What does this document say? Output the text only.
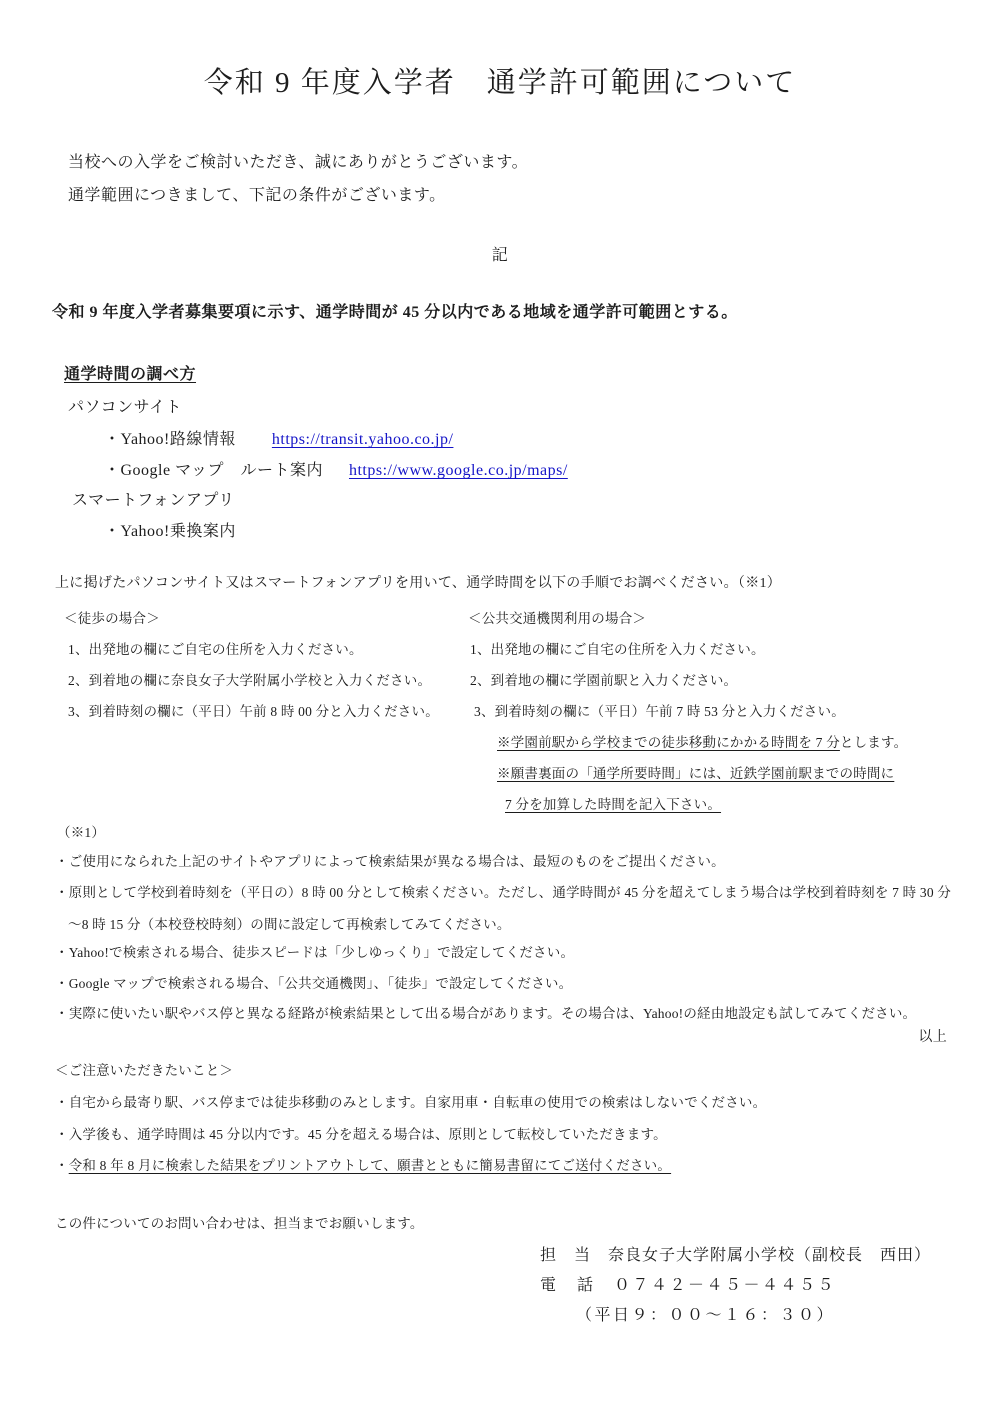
令和 9 年度入学者　通学許可範囲について
当校への入学をご検討いただき、誠にありがとうございます。
通学範囲につきまして、下記の条件がございます。
記
令和 9 年度入学者募集要項に示す、通学時間が 45 分以内である地域を通学許可範囲とする。
通学時間の調べ方
パソコンサイト
・Yahoo!路線情報 https://transit.yahoo.co.jp/
・Google マップ　ルート案内 https://www.google.co.jp/maps/
スマートフォンアプリ
・Yahoo!乗換案内
上に掲げたパソコンサイト又はスマートフォンアプリを用いて、通学時間を以下の手順でお調べください。（※1）
＜徒歩の場合＞
1、出発地の欄にご自宅の住所を入力ください。
2、到着地の欄に奈良女子大学附属小学校と入力ください。
3、到着時刻の欄に（平日）午前 8 時 00 分と入力ください。
＜公共交通機関利用の場合＞
1、出発地の欄にご自宅の住所を入力ください。
2、到着地の欄に学園前駅と入力ください。
3、到着時刻の欄に（平日）午前 7 時 53 分と入力ください。
※学園前駅から学校までの徒歩移動にかかる時間を 7 分とします。
※願書裏面の「通学所要時間」には、近鉄学園前駅までの時間に
7 分を加算した時間を記入下さい。
（※1）
・ご使用になられた上記のサイトやアプリによって検索結果が異なる場合は、最短のものをご提出ください。
・原則として学校到着時刻を（平日の）8 時 00 分として検索ください。ただし、通学時間が 45 分を超えてしまう場合は学校到着時刻を 7 時 30 分
～8 時 15 分（本校登校時刻）の間に設定して再検索してみてください。
・Yahoo!で検索される場合、徒歩スピードは「少しゆっくり」で設定してください。
・Google マップで検索される場合、「公共交通機関」、「徒歩」で設定してください。
・実際に使いたい駅やバス停と異なる経路が検索結果として出る場合があります。その場合は、Yahoo!の経由地設定も試してみてください。
以上
＜ご注意いただきたいこと＞
・自宅から最寄り駅、バス停までは徒歩移動のみとします。自家用車・自転車の使用での検索はしないでください。
・入学後も、通学時間は 45 分以内です。45 分を超える場合は、原則として転校していただきます。
・令和 8 年 8 月に検索した結果をプリントアウトして、願書とともに簡易書留にてご送付ください。
この件についてのお問い合わせは、担当までお願いします。
担　当　奈良女子大学附属小学校（副校長　西田）
電　話　０７４２－４５－４４５５
（平日９：００～１６：３０）
